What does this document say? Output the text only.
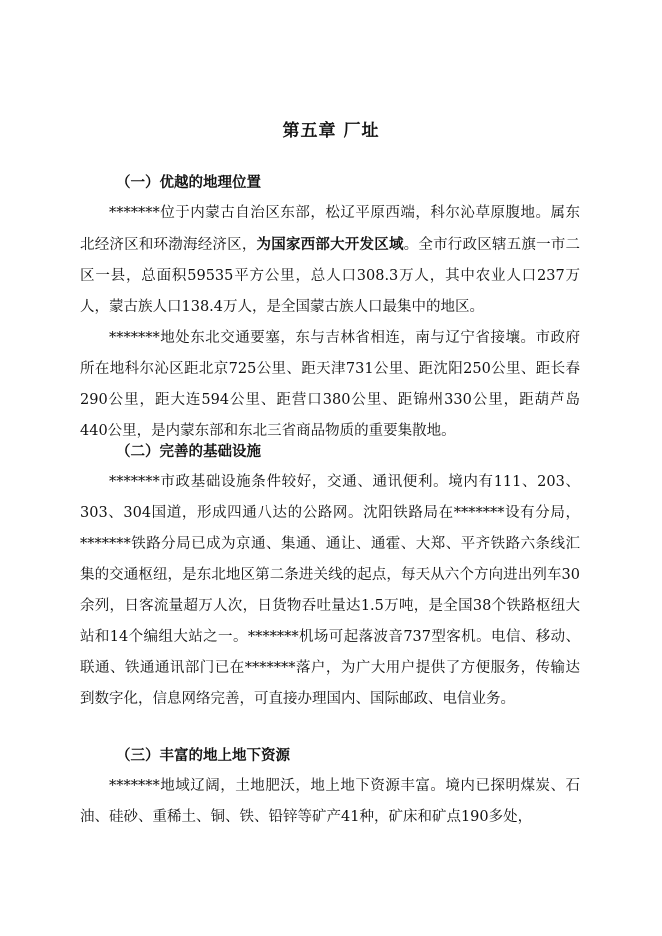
第五章 厂址
（一）优越的地理位置

*******位于内蒙古自治区东部，松辽平原西端，科尔沁草原腹地。属东北经济区和环渤海经济区，为国家西部大开发区域。全市行政区辖五旗一市二区一县，总面积59535平方公里，总人口308.3万人，其中农业人口237万人，蒙古族人口138.4万人，是全国蒙古族人口最集中的地区。

*******地处东北交通要塞，东与吉林省相连，南与辽宁省接壤。市政府所在地科尔沁区距北京725公里、距天津731公里、距沈阳250公里、距长春290公里，距大连594公里、距营口380公里、距锦州330公里，距葫芦岛440公里，是内蒙东部和东北三省商品物质的重要集散地。

（二）完善的基础设施

*******市政基础设施条件较好，交通、通讯便利。境内有111、203、303、304国道，形成四通八达的公路网。沈阳铁路局在*******设有分局，*******铁路分局已成为京通、集通、通让、通霍、大郑、平齐铁路六条线汇集的交通枢纽，是东北地区第二条进关线的起点，每天从六个方向进出列车30余列，日客流量超万人次，日货物吞吐量达1.5万吨，是全国38个铁路枢纽大站和14个编组大站之一。*******机场可起落波音737型客机。电信、移动、联通、铁通通讯部门已在*******落户，为广大用户提供了方便服务，传输达到数字化，信息网络完善，可直接办理国内、国际邮政、电信业务。

（三）丰富的地上地下资源

*******地域辽阔，土地肥沃，地上地下资源丰富。境内已探明煤炭、石油、硅砂、重稀土、铜、铁、铅锌等矿产41种，矿床和矿点190多处，
